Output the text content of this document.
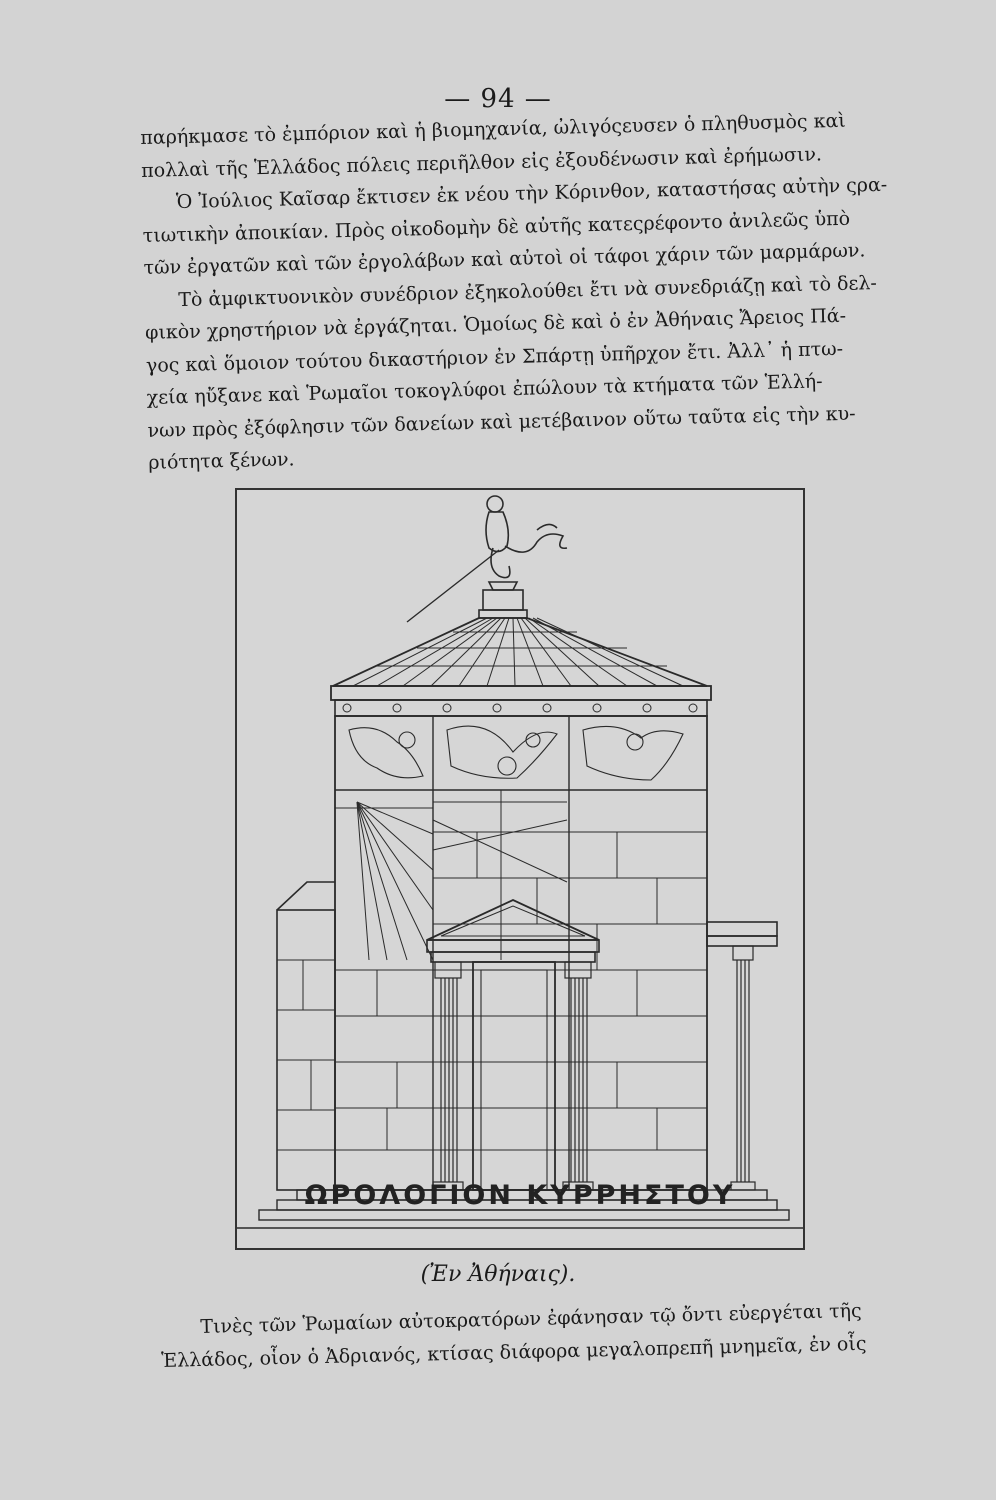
— 94 —
παρήκμασε τὸ ἐμπόριον καὶ ἡ βιομηχανία, ὠλιγόςευσεν ὁ πληθυσμὸς καὶ
πολλαὶ τῆς Ἑλλάδος πόλεις περιῆλθον εἰς ἐξουδένωσιν καὶ ἐρήμωσιν.
Ὁ Ἰούλιος Καῖσαρ ἔκτισεν ἐκ νέου τὴν Κόρινθον, καταστήσας αὐτὴν ςρα-
τιωτικὴν ἀποικίαν. Πρὸς οἰκοδομὴν δὲ αὐτῆς κατεςρέφοντο ἀνιλεῶς ὑπὸ
τῶν ἐργατῶν καὶ τῶν ἐργολάβων καὶ αὐτοὶ οἱ τάφοι χάριν τῶν μαρμάρων.
Τὸ ἀμφικτυονικὸν συνέδριον ἐξηκολούθει ἔτι νὰ συνεδριάζῃ καὶ τὸ δελ-
φικὸν χρηστήριον νὰ ἐργάζηται. Ὁμοίως δὲ καὶ ὁ ἐν Ἀθήναις Ἄρειος Πά-
γος καὶ ὅμοιον τούτου δικαστήριον ἐν Σπάρτῃ ὑπῆρχον ἔτι. Ἀλλ᾽ ἡ πτω-
χεία ηὔξανε καὶ Ῥωμαῖοι τοκογλύφοι ἐπώλουν τὰ κτήματα τῶν Ἑλλή-
νων πρὸς ἐξόφλησιν τῶν δανείων καὶ μετέβαινον οὕτω ταῦτα εἰς τὴν κυ-
ριότητα ξένων.
ΩΡΟΛΟΓΙΟΝ ΚΥΡΡΗΣΤΟΥ
(Ἐν Ἀθήναις).
Τινὲς τῶν Ῥωμαίων αὐτοκρατόρων ἐφάνησαν τῷ ὄντι εὐεργέται τῆς
Ἑλλάδος, οἷον ὁ Ἀδριανός, κτίσας διάφορα μεγαλοπρεπῆ μνημεῖα, ἐν οἷς
